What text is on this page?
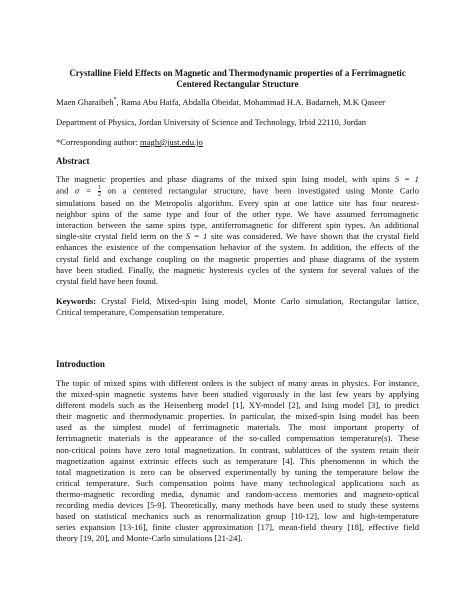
Crystalline Field Effects on Magnetic and Thermodynamic properties of a Ferrimagnetic
Centered Rectangular Structure
Maen Gharaibeh*, Rama Abu Haifa, Abdalla Obeidat, Mohammad H.A. Badarneh, M.K Qaseer
Department of Physics, Jordan University of Science and Technology, Irbid 22110, Jordan
*Corresponding author: magh@just.edu.jo
Abstract
The magnetic properties and phase diagrams of the mixed spin Ising model, with spins S = 1
and $\sigma = \frac{1}{2}$ on a centered rectangular structure, have been investigated using Monte Carlo
simulations based on the Metropolis algorithm. Every spin at one lattice site has four nearest-
neighbor spins of the same type and four of the other type. We have assumed ferromagnetic
interaction between the same spins type, antiferromagnetic for different spin types. An additional
single-site crystal field term on the S = 1 site was considered. We have shown that the crystal field
enhances the existence of the compensation behavior of the system. In addition, the effects of the
crystal field and exchange coupling on the magnetic properties and phase diagrams of the system
have been studied. Finally, the magnetic hysteresis cycles of the system for several values of the
crystal field have been found.
Keywords: Crystal Field, Mixed-spin Ising model, Monte Carlo simulation, Rectangular lattice,
Critical temperature, Compensation temperature.
Introduction
The topic of mixed spins with different orders is the subject of many areas in physics. For instance,
the mixed-spin magnetic systems have been studied vigorously in the last few years by applying
different models such as the Heisenberg model [1], XY-model [2], and Ising model [3], to predict
their magnetic and thermodynamic properties. In particular, the mixed-spin Ising model has been
used as the simplest model of ferrimagnetic materials. The most important property of
ferrimagnetic materials is the appearance of the so-called compensation temperature(s). These
non-critical points have zero total magnetization. In contrast, sublattices of the system retain their
magnetization against extrinsic effects such as temperature [4]. This phenomenon in which the
total magnetization is zero can be observed experimentally by tuning the temperature below the
critical temperature. Such compensation points have many technological applications such as
thermo-magnetic recording media, dynamic and random-access memories and magneto-optical
recording media devices [5-9]. Theoretically, many methods have been used to study these systems
based on statistical mechanics such as renormalization group [10-12], low and high-temperature
series expansion [13-16], finite cluster approximation [17], mean-field theory [18], effective field
theory [19, 20], and Monte-Carlo simulations [21-24].
